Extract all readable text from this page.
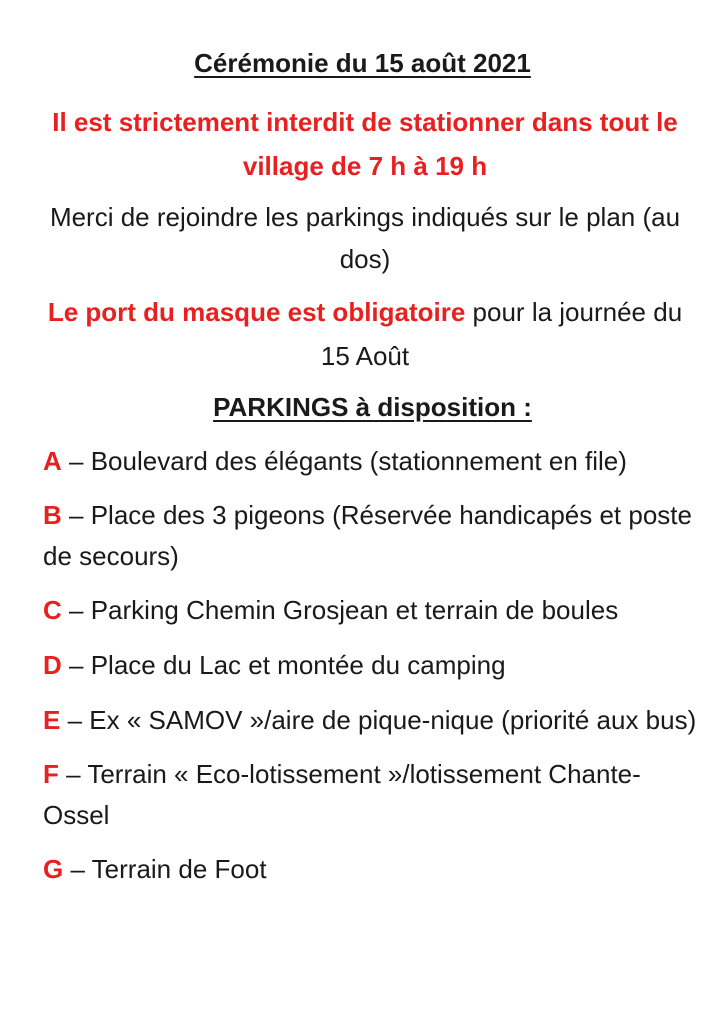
Cérémonie du 15 août 2021
Il est strictement interdit de stationner dans tout le village de 7 h à 19 h
Merci de rejoindre les parkings indiqués sur le plan (au dos)
Le port du masque est obligatoire pour la journée du 15 Août
PARKINGS à disposition :
A – Boulevard des élégants (stationnement en file)
B – Place des 3 pigeons (Réservée handicapés et poste de secours)
C – Parking Chemin Grosjean et terrain de boules
D – Place du Lac et montée du camping
E – Ex « SAMOV »/aire de pique-nique (priorité aux bus)
F – Terrain « Eco-lotissement »/lotissement Chante-Ossel
G – Terrain de Foot
